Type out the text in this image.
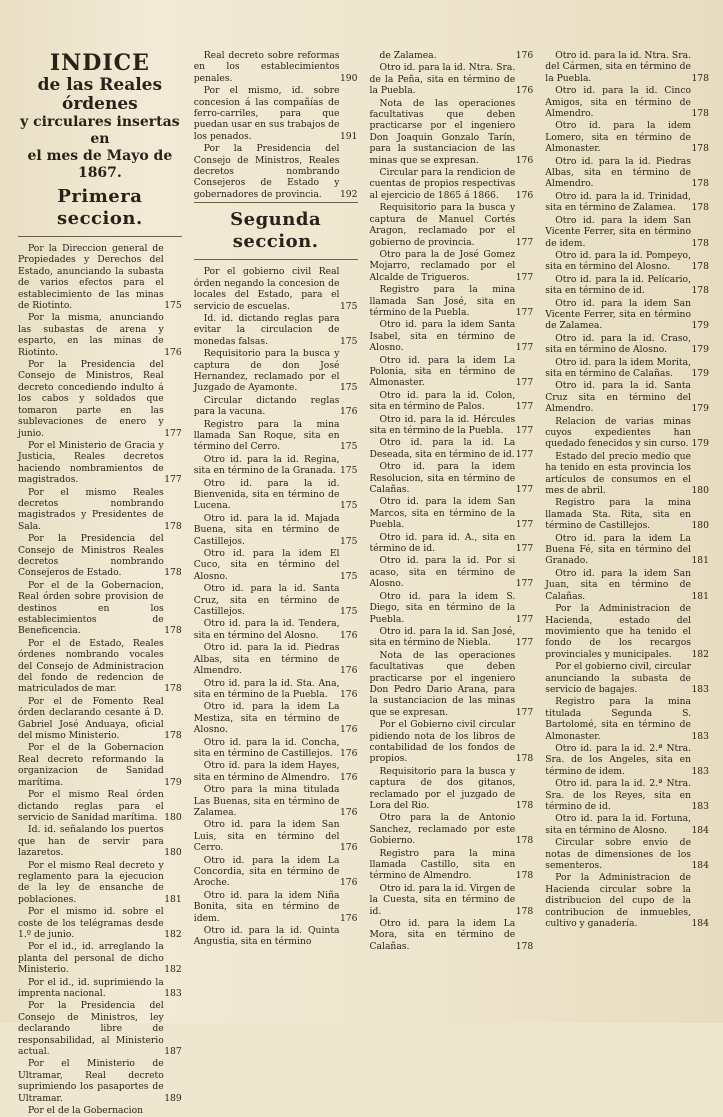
INDICE
de las Reales órdenes
y circulares insertas en
el mes de Mayo de 1867.
Primera seccion.

Por la Direccion general de Propiedades y Derechos del Estado, anunciando la subasta de varios efectos para el establecimiento de las minas de Riotinto.	175

Por la misma, anunciando las subastas de arena y esparto, en las minas de Riotinto.	176

Por la Presidencia del Consejo de Ministros, Real decreto concediendo indulto á los cabos y soldados que tomaron parte en las sublevaciones de enero y junio.	177

Por el Ministerio de Gracia y Justicia, Reales decretos haciendo nombramientos de magistrados.	177

Por el mismo Reales decretos nombrando magistrados y Presidentes de Sala.	178

Por la Presidencia del Consejo de Ministros Reales decretos nombrando Consejeros de Estado.	178

Por el de la Gobernacion, Real órden sobre provision de destinos en los establecimientos de Beneficencia.	178

Por el de Estado, Reales órdenes nombrando vocales del Consejo de Administracion del fondo de redencion de matriculados de mar.	178

Por el de Fomento Real órden declarando cesante á D. Gabriel José Anduaya, oficial del mismo Ministerio.	178

Por el de la Gobernacion Real decreto reformando la organizacion de Sanidad marítima.	179

Por el mismo Real órden dictando reglas para el servicio de Sanidad marítima. 180

Id. id. señalando los puertos que han de servir para lazaretos.	180

Por el mismo Real decreto y reglamento para la ejecucion de la ley de ensanche de poblaciones.	181

Por el mismo id. sobre el coste de los telégramas desde 1.º de junio.	182

Por el id., id. arreglando la planta del personal de dicho Ministerio.	182

Por el id., id. suprimiendo la imprenta nacional.	183

Por la Presidencia del Consejo de Ministros, ley declarando libre de responsabilidad, al Ministerio actual.	187

Por el Ministerio de Ultramar, Real decreto suprimiendo los pasaportes de Ultramar.	189

Por el de la Gobernacion

Real decreto sobre reformas en los establecimientos penales.	190

Por el mismo, id. sobre concesion á las compañías de ferro-carriles, para que puedan usar en sus trabajos de los penados.	191

Por la Presidencia del Consejo de Ministros, Reales decretos nombrando Consejeros de Estado y gobernadores de provincia. 192

Segunda seccion.

Por el gobierno civil Real órden negando la concesion de locales del Estado, para el servicio de escuelas.	175

Id. id. dictando reglas para evitar la circulacion de monedas falsas.	175

Requisitorio para la busca y captura de don José Hernandez, reclamado por el Juzgado de Ayamonte.	175

Circular dictando reglas para la vacuna.	176

Registro para la mina llamada San Roque, sita en término del Cerro.	175

Otro id. para la id. Regina, sita en término de la Granada. 175

Otro id. para la id. Bienvenida, sita en término de Lucena.	175

Otro id. para la id. Majada Buena, sita en término de Castillejos.	175

Otro id. para la idem El Cuco, sita en término del Alosno.	175

Otro id. para la id. Santa Cruz, sita en término de Castillejos.	175

Otro id. para la id. Tendera, sita en término del Alosno. 176

Otro id. para la id. Piedras Albas, sita en término de Almendro.	176

Otro id. para la id. Sta. Ana, sita en término de la Puebla. 176

Otro id. para la idem La Mestiza, sita en término de Alosno.	176

Otro id. para la id. Concha, sita en término de Castillejos. 176

Otro id. para la idem Hayes, sita en término de Almendro. 176

Otro para la mina titulada Las Buenas, sita en término de Zalamea.	176

Otro id. para la idem San Luis, sita en término del Cerro.	176

Otro id. para la idem La Concordia, sita en término de Aroche.	176

Otro id. para la idem Niña Bonita, sita en término de idem.	176

Otro id. para la id. Quinta Angustia, sita en término

de Zalamea.	176

Otro id. para la id. Ntra. Sra. de la Peña, sita en término de la Puebla.	176

Nota de las operaciones facultativas que deben practicarse por el ingeniero Don Joaquin Gonzalo Tarín, para la sustanciacion de las minas que se expresan.	176

Circular para la rendicion de cuentas de propios respectivas al ejercicio de 1865 á 1866. 176

Requisitorio para la busca y captura de Manuel Cortés Aragon, reclamado por el gobierno de provincia.	177

Otro para la de José Gomez Mojarro, reclamado por el Alcalde de Trigueros.	177

Registro para la mina llamada San José, sita en término de la Puebla.	177

Otro id. para la idem Santa Isabel, sita en término de Alosno.	177

Otro id. para la idem La Polonia, sita en término de Almonaster.	177

Otro id. para la id. Colon, sita en término de Palos.	177

Otro id. para la id. Hércules sita en término de la Puebla. 177

Otro id. para la id. La Deseada, sita en término de id. 177

Otro id. para la idem Resolucion, sita en término de Calañas.	177

Otro id. para la idem San Marcos, sita en término de la Puebla.	177

Otro id. para id. A., sita en término de id.	177

Otro id. para la id. Por si acaso, sita en término de Alosno.	177

Otro id. para la idem S. Diego, sita en término de la Puebla.	177

Otro id. para la id. San José, sita en término de Niebla.	177

Nota de las operaciones facultativas que deben practicarse por el ingeniero Don Pedro Dario Arana, para la sustanciacion de las minas que se expresan.	177

Por el Gobierno civil circular pidiendo nota de los libros de contabilidad de los fondos de propios.	178

Requisitorio para la busca y captura de dos gitanos, reclamado por el juzgado de Lora del Rio.	178

Otro para la de Antonio Sanchez, reclamado por este Gobierno.	178

Registro para la mina llamada Castillo, sita en término de Almendro.	178

Otro id. para la id. Virgen de la Cuesta, sita en término de id.	178

Otro id. para la idem La Mora, sita en término de Calañas.	178

Otro id. para la id. Ntra. Sra. del Cármen, sita en término de la Puebla.	178

Otro id. para la id. Cinco Amigos, sita en término de Almendro.	178

Otro id. para la idem Lomero, sita en término de Almonaster.	178

Otro id. para la id. Piedras Albas, sita en término de Almendro.	178

Otro id. para la id. Trinidad, sita en término de Zalamea. 178

Otro id. para la idem San Vicente Ferrer, sita en término de idem.	178

Otro id. para la id. Pompeyo, sita en término del Alosno. 178

Otro id. para la id. Pelícario, sita en término de id.	178

Otro id. para la idem San Vicente Ferrer, sita en término de Zalamea.	179

Otro id. para la id. Craso, sita en término de Alosno.	179

Otro id. para la idem Morita, sita en término de Calañas. 179

Otro id. para la id. Santa Cruz sita en término del Almendro.	179

Relacion de varias minas cuyos expedientes han quedado fenecidos y sin curso. 179

Estado del precio medio que ha tenido en esta provincia los artículos de consumos en el mes de abril.	180

Registro para la mina llamada Sta. Rita, sita en término de Castillejos.	180

Otro id. para la idem La Buena Fé, sita en término del Granado.	181

Otro id. para la idem San Juan, sita en término de Calañas.	181

Por la Administracion de Hacienda, estado del movimiento que ha tenido el fondo de los recargos provinciales y municipales. 182

Por el gobierno civil, circular anunciando la subasta de servicio de bagajes.	183

Registro para la mina titulada Segunda S. Bartolomé, sita en término de Almonaster.	183

Otro id. para la id. 2.ª Ntra. Sra. de los Angeles, sita en término de idem.	183

Otro id. para la id. 2.ª Ntra. Sra. de los Reyes, sita en término de id.	183

Otro id. para la id. Fortuna, sita en término de Alosno.	184

Circular sobre envio de notas de dimensiones de los sementeros.	184

Por la Administracion de Hacienda circular sobre la distribucion del cupo de la contribucion de inmuebles, cultivo y ganadería.	184
